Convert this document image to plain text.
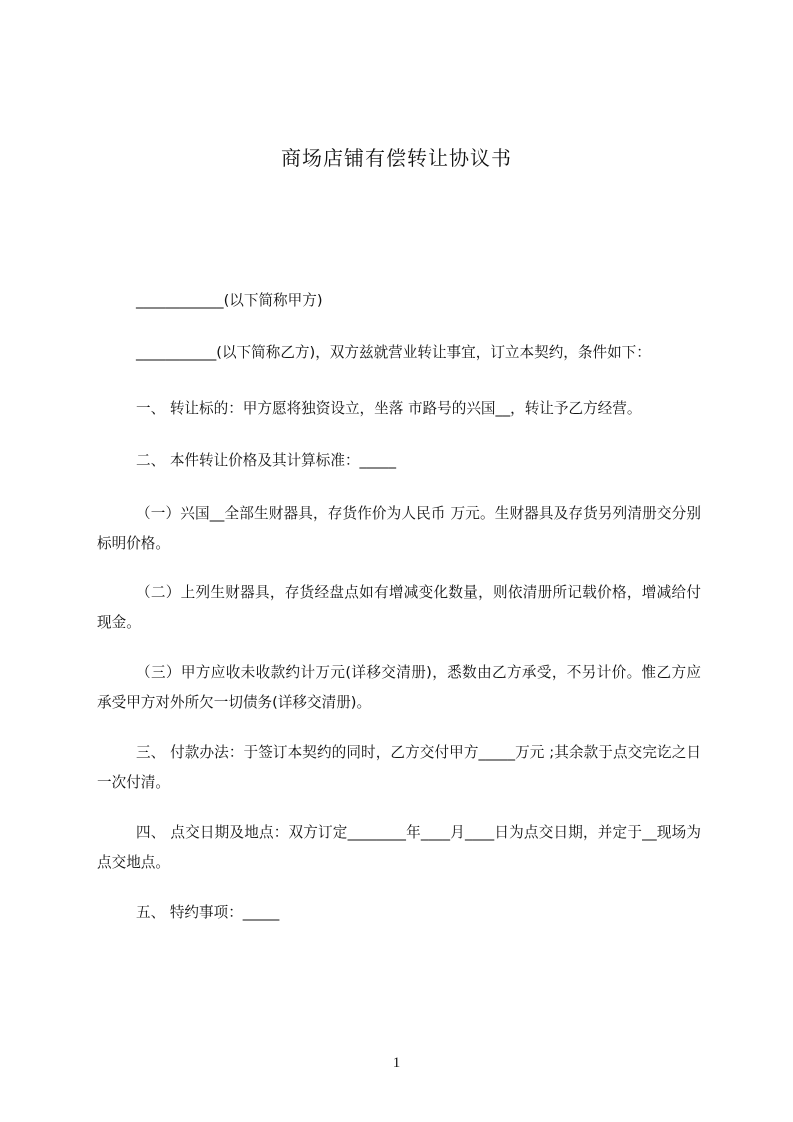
商场店铺有偿转让协议书

____________(以下简称甲方)

___________(以下简称乙方)，双方兹就营业转让事宜，订立本契约，条件如下：

一、 转让标的：甲方愿将独资设立，坐落 市路号的兴国__，转让予乙方经营。

二、 本件转让价格及其计算标准：_____

（一）兴国__全部生财器具，存货作价为人民币 万元。生财器具及存货另列清册交分别标明价格。

（二）上列生财器具，存货经盘点如有增减变化数量，则依清册所记载价格，增减给付现金。

（三）甲方应收未收款约计万元(详移交清册)，悉数由乙方承受，不另计价。惟乙方应承受甲方对外所欠一切债务(详移交清册)。

三、 付款办法：于签订本契约的同时，乙方交付甲方_____万元 ;其余款于点交完讫之日一次付清。

四、 点交日期及地点：双方订定________年____月____日为点交日期，并定于__现场为点交地点。

五、 特约事项：_____

1
